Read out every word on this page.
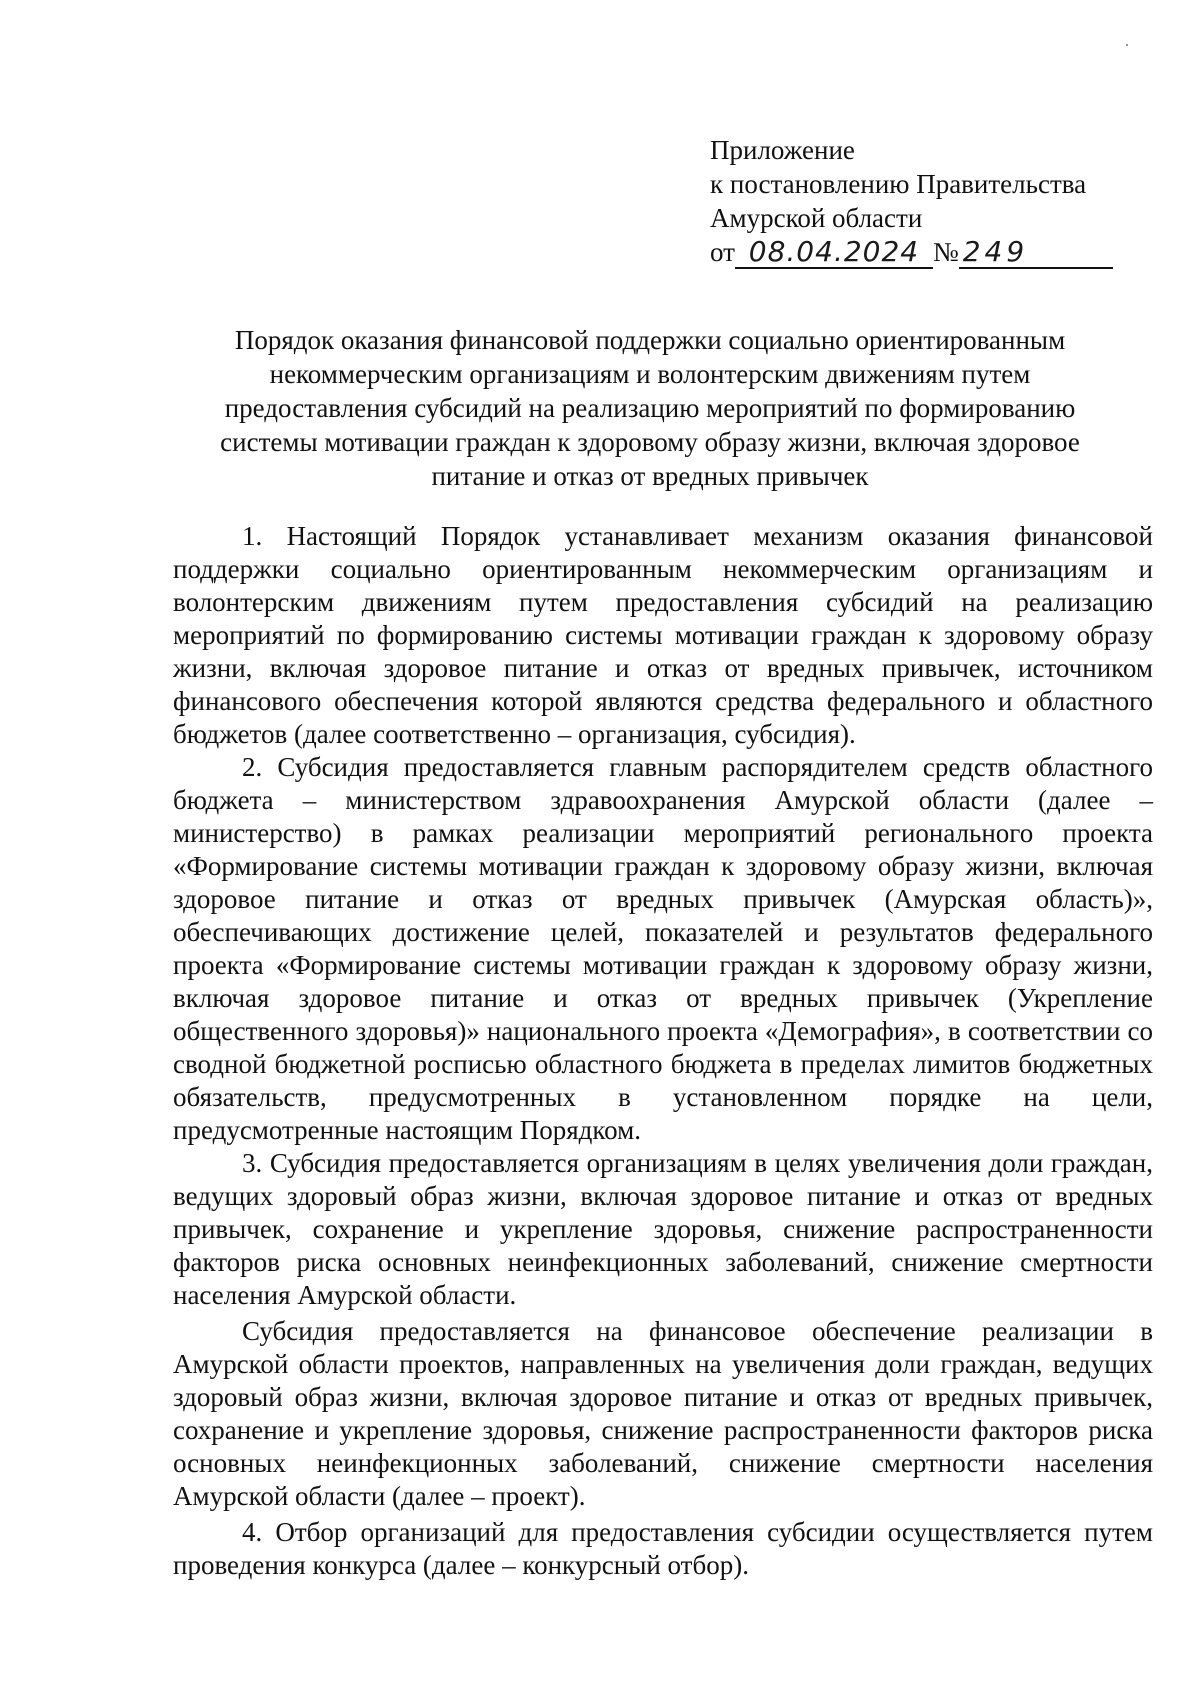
Приложение
к постановлению Правительства
Амурской области
от 08.04.2024 № 249
Порядок оказания финансовой поддержки социально ориентированным некоммерческим организациям и волонтерским движениям путем предоставления субсидий на реализацию мероприятий по формированию системы мотивации граждан к здоровому образу жизни, включая здоровое питание и отказ от вредных привычек

1. Настоящий Порядок устанавливает механизм оказания финансовой поддержки социально ориентированным некоммерческим организациям и волонтерским движениям путем предоставления субсидий на реализацию мероприятий по формированию системы мотивации граждан к здоровому образу жизни, включая здоровое питание и отказ от вредных привычек, источником финансового обеспечения которой являются средства федерального и областного бюджетов (далее соответственно – организация, субсидия).

2. Субсидия предоставляется главным распорядителем средств областного бюджета – министерством здравоохранения Амурской области (далее – министерство) в рамках реализации мероприятий регионального проекта «Формирование системы мотивации граждан к здоровому образу жизни, включая здоровое питание и отказ от вредных привычек (Амурская область)», обеспечивающих достижение целей, показателей и результатов федерального проекта «Формирование системы мотивации граждан к здоровому образу жизни, включая здоровое питание и отказ от вредных привычек (Укрепление общественного здоровья)» национального проекта «Демография», в соответствии со сводной бюджетной росписью областного бюджета в пределах лимитов бюджетных обязательств, предусмотренных в установленном порядке на цели, предусмотренные настоящим Порядком.

3. Субсидия предоставляется организациям в целях увеличения доли граждан, ведущих здоровый образ жизни, включая здоровое питание и отказ от вредных привычек, сохранение и укрепление здоровья, снижение распространенности факторов риска основных неинфекционных заболеваний, снижение смертности населения Амурской области.

Субсидия предоставляется на финансовое обеспечение реализации в Амурской области проектов, направленных на увеличения доли граждан, ведущих здоровый образ жизни, включая здоровое питание и отказ от вредных привычек, сохранение и укрепление здоровья, снижение распространенности факторов риска основных неинфекционных заболеваний, снижение смертности населения Амурской области (далее – проект).

4. Отбор организаций для предоставления субсидии осуществляется путем проведения конкурса (далее – конкурсный отбор).
